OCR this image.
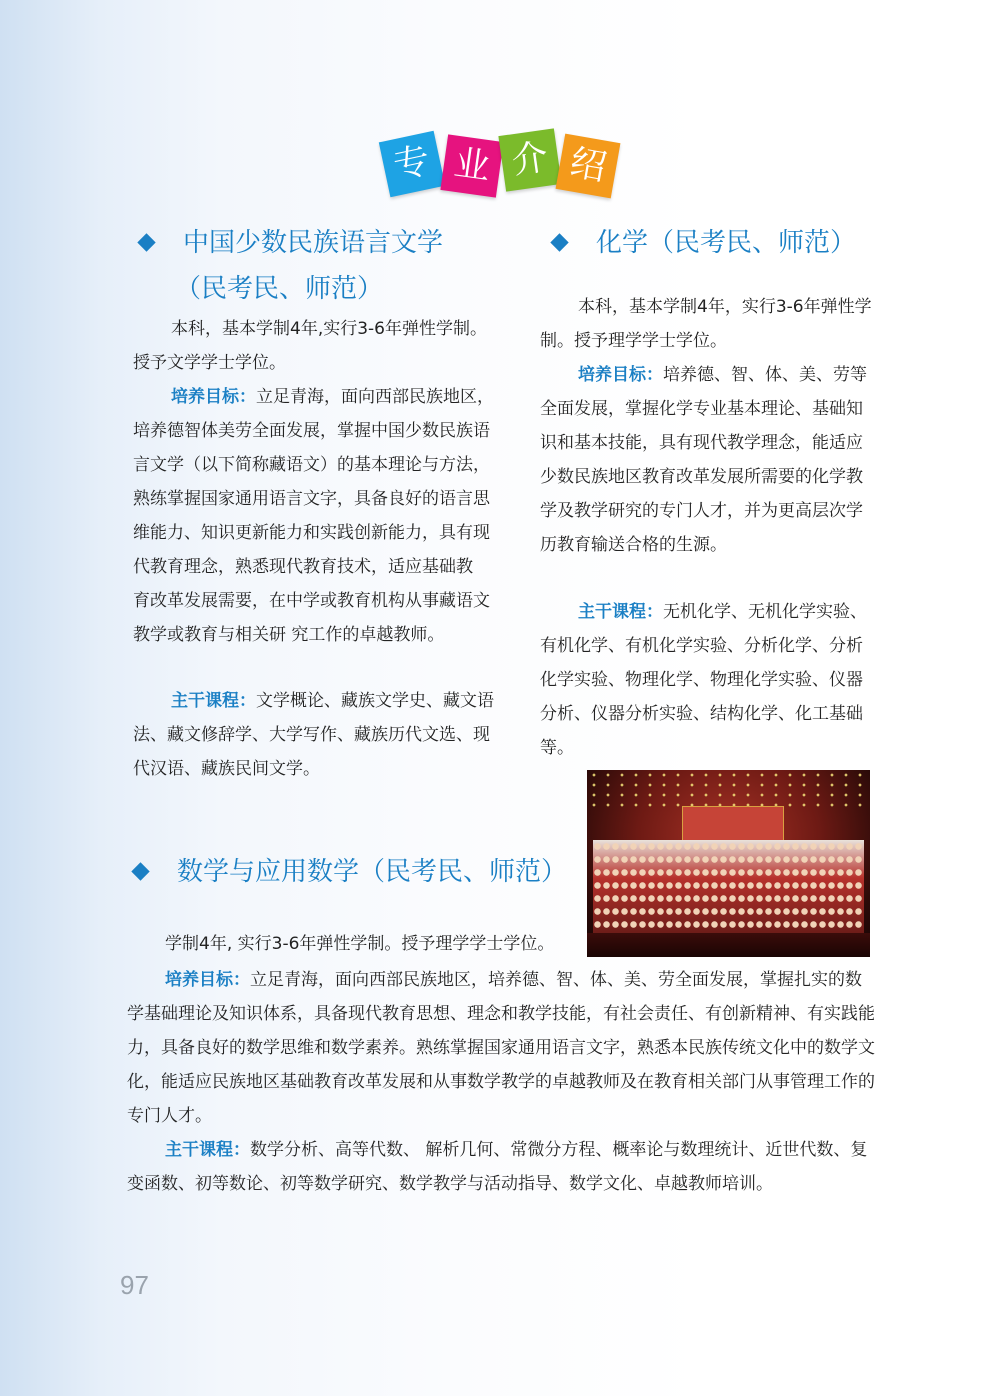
专 业 介 绍
中国少数民族语言文学
（民考民、师范）

本科，基本学制4年,实行3-6年弹性学制。授予文学学士学位。

培养目标：立足青海，面向西部民族地区，培养德智体美劳全面发展，掌握中国少数民族语言文学（以下简称藏语文）的基本理论与方法，熟练掌握国家通用语言文字，具备良好的语言思维能力、知识更新能力和实践创新能力，具有现代教育理念，熟悉现代教育技术，适应基础教 育改革发展需要，在中学或教育机构从事藏语文教学或教育与相关研 究工作的卓越教师。

主干课程：文学概论、藏族文学史、藏文语法、藏文修辞学、大学写作、藏族历代文选、现代汉语、藏族民间文学。

化学（民考民、师范）

本科，基本学制4年，实行3-6年弹性学制。授予理学学士学位。

培养目标：培养德、智、体、美、劳等全面发展，掌握化学专业基本理论、基础知识和基本技能，具有现代教学理念，能适应少数民族地区教育改革发展所需要的化学教学及教学研究的专门人才，并为更高层次学历教育输送合格的生源。

主干课程：无机化学、无机化学实验、有机化学、有机化学实验、分析化学、分析化学实验、物理化学、物理化学实验、仪器分析、仪器分析实验、结构化学、化工基础等。

数学与应用数学（民考民、师范）

学制4年, 实行3-6年弹性学制。授予理学学士学位。

培养目标：立足青海，面向西部民族地区，培养德、智、体、美、劳全面发展，掌握扎实的数学基础理论及知识体系，具备现代教育思想、理念和教学技能，有社会责任、有创新精神、有实践能力，具备良好的数学思维和数学素养。熟练掌握国家通用语言文字，熟悉本民族传统文化中的数学文化，能适应民族地区基础教育改革发展和从事数学教学的卓越教师及在教育相关部门从事管理工作的专门人才。

主干课程：数学分析、高等代数、 解析几何、常微分方程、概率论与数理统计、近世代数、复变函数、初等数论、初等数学研究、数学教学与活动指导、数学文化、卓越教师培训。

97
